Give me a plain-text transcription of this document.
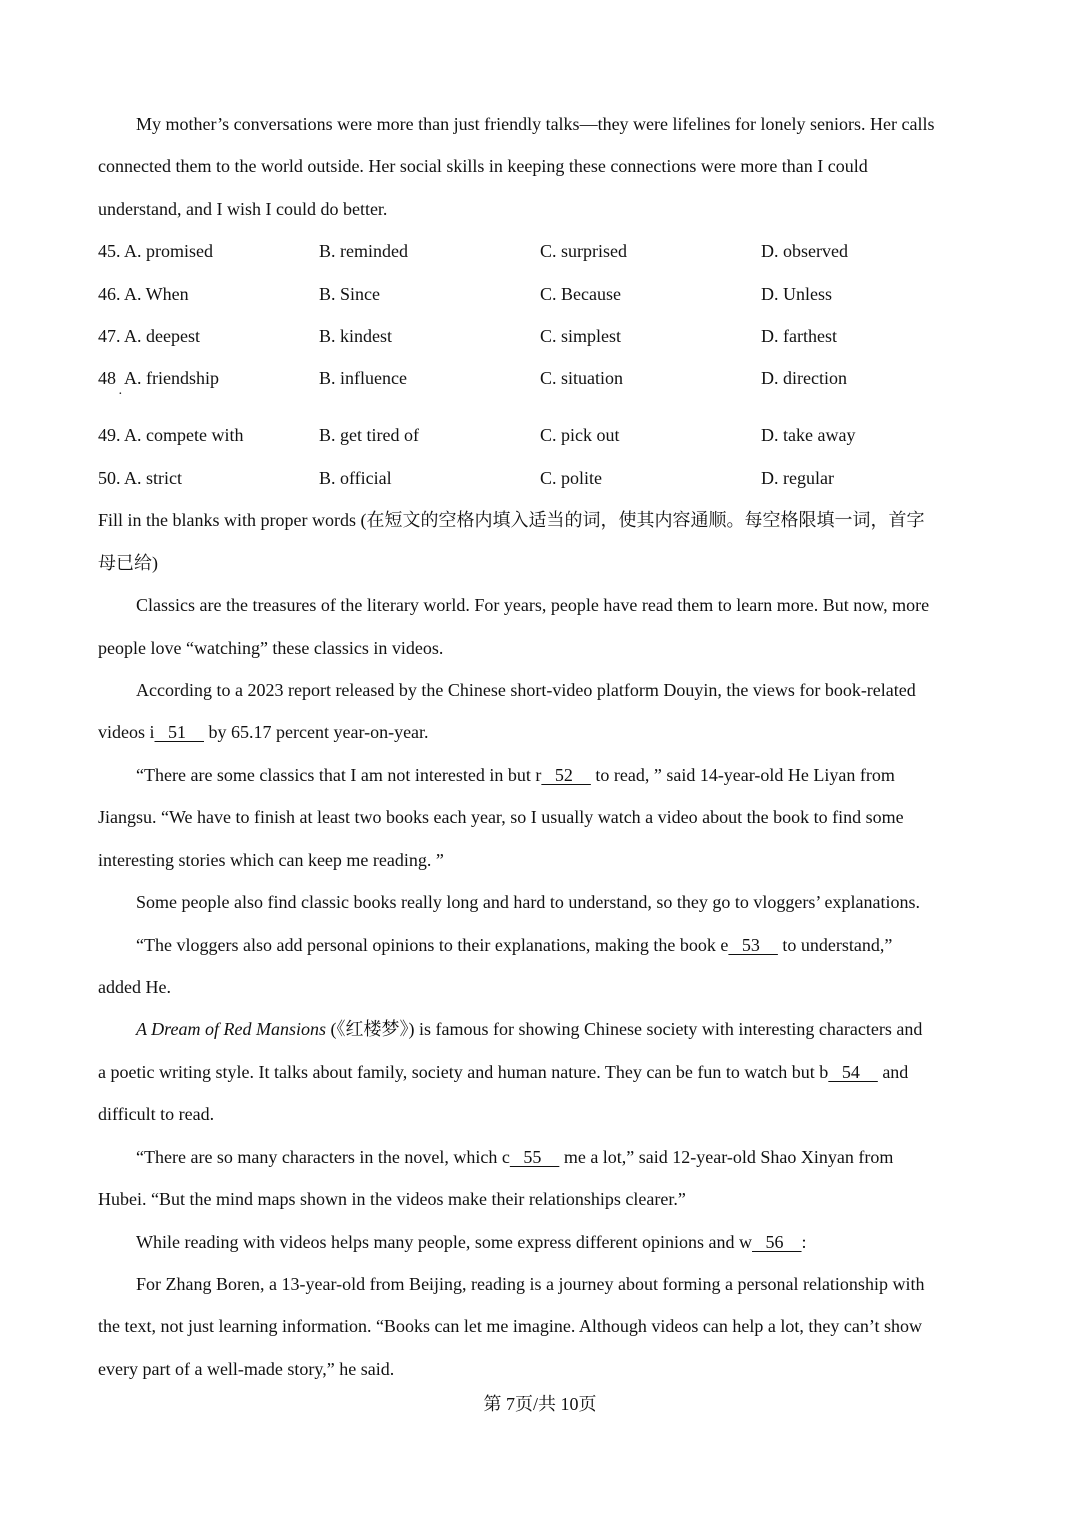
My mother’s conversations were more than just friendly talks—they were lifelines for lonely seniors. Her calls
connected them to the world outside. Her social skills in keeping these connections were more than I could
understand, and I wish I could do better.
45. A. promised	B. reminded	C. surprised	D. observed
46. A. When	B. Since	C. Because	D. Unless
47. A. deepest	B. kindest	C. simplest	D. farthest
48  A. friendship	B. influence	C. situation	D. direction
·
49. A. compete with	B. get tired of	C. pick out	D. take away
50. A. strict	B. official	C. polite	D. regular
Fill in the blanks with proper words (在短文的空格内填入适当的词，使其内容通顺。每空格限填一词，首字
母已给)
Classics are the treasures of the literary world. For years, people have read them to learn more. But now, more
people love “watching” these classics in videos.
According to a 2023 report released by the Chinese short-video platform Douyin, the views for book-related
videos i   51     by 65.17 percent year-on-year.
“There are some classics that I am not interested in but r   52     to read, ” said 14-year-old He Liyan from
Jiangsu. “We have to finish at least two books each year, so I usually watch a video about the book to find some
interesting stories which can keep me reading. ”
Some people also find classic books really long and hard to understand, so they go to vloggers’ explanations.
“The vloggers also add personal opinions to their explanations, making the book e   53     to understand,”
added He.
A Dream of Red Mansions (《红楼梦》) is famous for showing Chinese society with interesting characters and
a poetic writing style. It talks about family, society and human nature. They can be fun to watch but b   54     and
difficult to read.
“There are so many characters in the novel, which c   55     me a lot,” said 12-year-old Shao Xinyan from
Hubei. “But the mind maps shown in the videos make their relationships clearer.”
While reading with videos helps many people, some express different opinions and w   56    :
For Zhang Boren, a 13-year-old from Beijing, reading is a journey about forming a personal relationship with
the text, not just learning information. “Books can let me imagine. Although videos can help a lot, they can’t show
every part of a well-made story,” he said.
第 7页/共 10页
